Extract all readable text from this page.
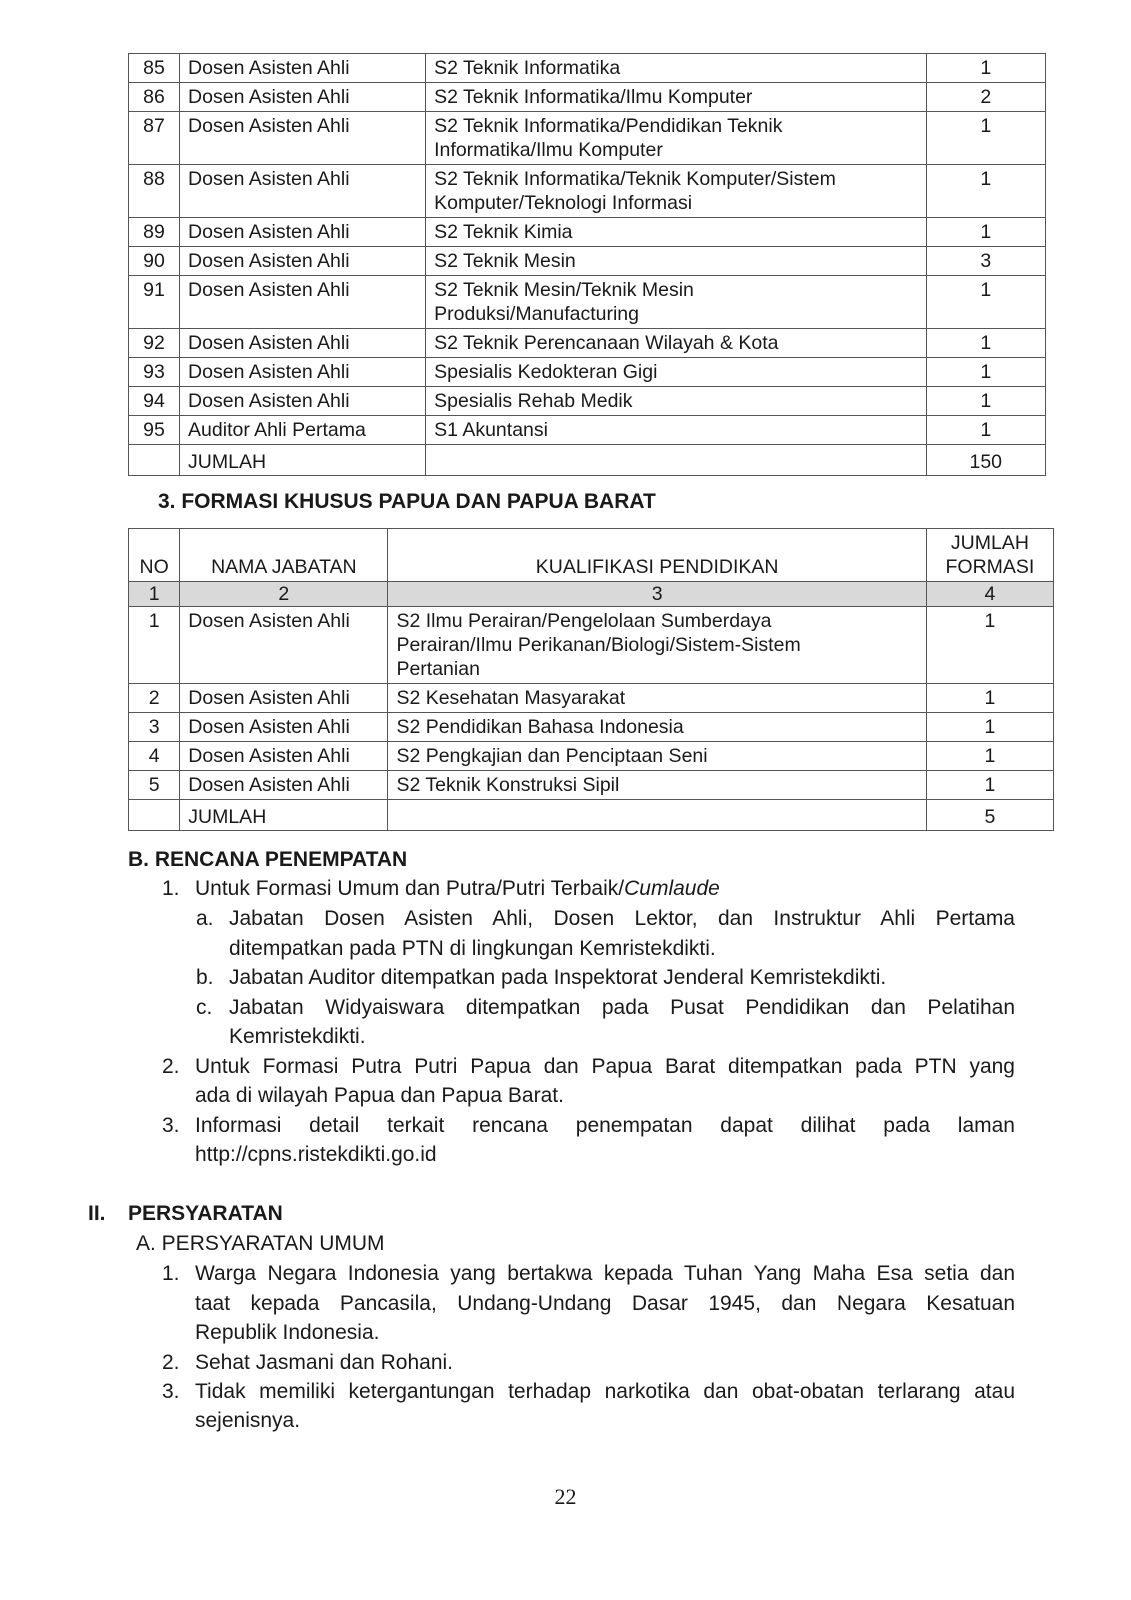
85	Dosen Asisten Ahli	S2 Teknik Informatika	1
86	Dosen Asisten Ahli	S2 Teknik Informatika/Ilmu Komputer	2
87	Dosen Asisten Ahli	S2 Teknik Informatika/Pendidikan Teknik
Informatika/Ilmu Komputer	1
88	Dosen Asisten Ahli	S2 Teknik Informatika/Teknik Komputer/Sistem
Komputer/Teknologi Informasi	1
89	Dosen Asisten Ahli	S2 Teknik Kimia	1
90	Dosen Asisten Ahli	S2 Teknik Mesin	3
91	Dosen Asisten Ahli	S2 Teknik Mesin/Teknik Mesin
Produksi/Manufacturing	1
92	Dosen Asisten Ahli	S2 Teknik Perencanaan Wilayah & Kota	1
93	Dosen Asisten Ahli	Spesialis Kedokteran Gigi	1
94	Dosen Asisten Ahli	Spesialis Rehab Medik	1
95	Auditor Ahli Pertama	S1 Akuntansi	1
	JUMLAH		150
3. FORMASI KHUSUS PAPUA DAN PAPUA BARAT
NO	NAMA JABATAN	KUALIFIKASI PENDIDIKAN	JUMLAH
FORMASI

1	2	3	4
1	Dosen Asisten Ahli	S2 Ilmu Perairan/Pengelolaan Sumberdaya
Perairan/Ilmu Perikanan/Biologi/Sistem-Sistem
Pertanian	1
2	Dosen Asisten Ahli	S2 Kesehatan Masyarakat	1
3	Dosen Asisten Ahli	S2 Pendidikan Bahasa Indonesia	1
4	Dosen Asisten Ahli	S2 Pengkajian dan Penciptaan Seni	1
5	Dosen Asisten Ahli	S2 Teknik Konstruksi Sipil	1
	JUMLAH		5
B. RENCANA PENEMPATAN
1. Untuk Formasi Umum dan Putra/Putri Terbaik/Cumlaude
a. Jabatan Dosen Asisten Ahli, Dosen Lektor, dan Instruktur Ahli Pertama
ditempatkan pada PTN di lingkungan Kemristekdikti.
b. Jabatan Auditor ditempatkan pada Inspektorat Jenderal Kemristekdikti.
c. Jabatan Widyaiswara ditempatkan pada Pusat Pendidikan dan Pelatihan
Kemristekdikti.
2. Untuk Formasi Putra Putri Papua dan Papua Barat ditempatkan pada PTN yang
ada di wilayah Papua dan Papua Barat.
3. Informasi detail terkait rencana penempatan dapat dilihat pada laman
http://cpns.ristekdikti.go.id
II. PERSYARATAN
A. PERSYARATAN UMUM
1. Warga Negara Indonesia yang bertakwa kepada Tuhan Yang Maha Esa setia dan
taat kepada Pancasila, Undang-Undang Dasar 1945, dan Negara Kesatuan
Republik Indonesia.
2. Sehat Jasmani dan Rohani.
3. Tidak memiliki ketergantungan terhadap narkotika dan obat-obatan terlarang atau
sejenisnya.
22
